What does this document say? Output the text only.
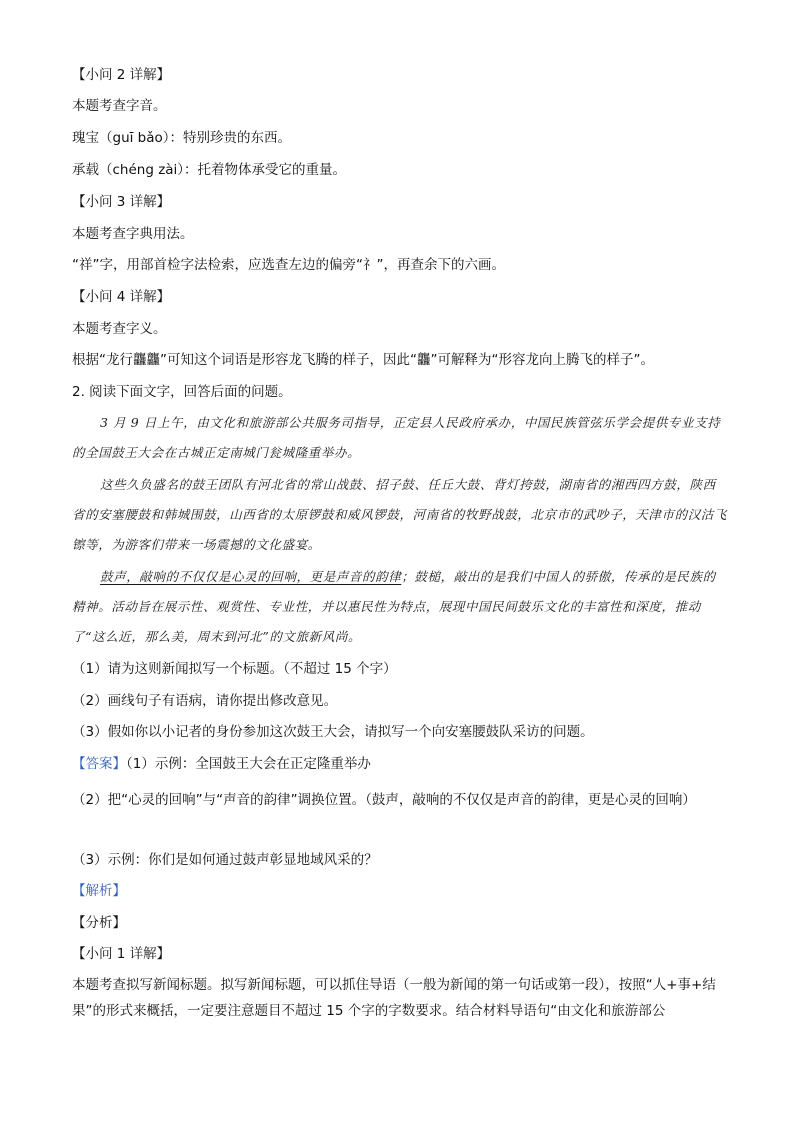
【小问 2 详解】
本题考查字音。
瑰宝（guī bǎo）：特别珍贵的东西。
承载（chéng zài）：托着物体承受它的重量。
【小问 3 详解】
本题考查字典用法。
“祥”字，用部首检字法检索，应选查左边的偏旁“礻”，再查余下的六画。
【小问 4 详解】
本题考查字义。
根据“龙行龘龘”可知这个词语是形容龙飞腾的样子，因此“龘”可解释为“形容龙向上腾飞的样子”。
2. 阅读下面文字，回答后面的问题。
3 月 9 日上午，由文化和旅游部公共服务司指导，正定县人民政府承办，中国民族管弦乐学会提供专业支持的全国鼓王大会在古城正定南城门瓮城隆重举办。
这些久负盛名的鼓王团队有河北省的常山战鼓、招子鼓、任丘大鼓、背灯挎鼓，湖南省的湘西四方鼓，陕西省的安塞腰鼓和韩城围鼓，山西省的太原锣鼓和威风锣鼓，河南省的牧野战鼓，北京市的武吵子，天津市的汉沽飞镲等，为游客们带来一场震撼的文化盛宴。
鼓声，敲响的不仅仅是心灵的回响，更是声音的韵律；鼓槌，敲出的是我们中国人的骄傲，传承的是民族的精神。活动旨在展示性、观赏性、专业性，并以惠民性为特点，展现中国民间鼓乐文化的丰富性和深度，推动了“这么近，那么美，周末到河北”的文旅新风尚。
（1）请为这则新闻拟写一个标题。（不超过 15 个字）
（2）画线句子有语病，请你提出修改意见。
（3）假如你以小记者的身份参加这次鼓王大会，请拟写一个向安塞腰鼓队采访的问题。
【答案】（1）示例：全国鼓王大会在正定隆重举办
（2）把“心灵的回响”与“声音的韵律”调换位置。（鼓声，敲响的不仅仅是声音的韵律，更是心灵的回响）
（3）示例：你们是如何通过鼓声彰显地域风采的？
【解析】
【分析】
【小问 1 详解】
本题考查拟写新闻标题。拟写新闻标题，可以抓住导语（一般为新闻的第一句话或第一段），按照“人+事+结果”的形式来概括，一定要注意题目不超过 15 个字的字数要求。结合材料导语句“由文化和旅游部公
